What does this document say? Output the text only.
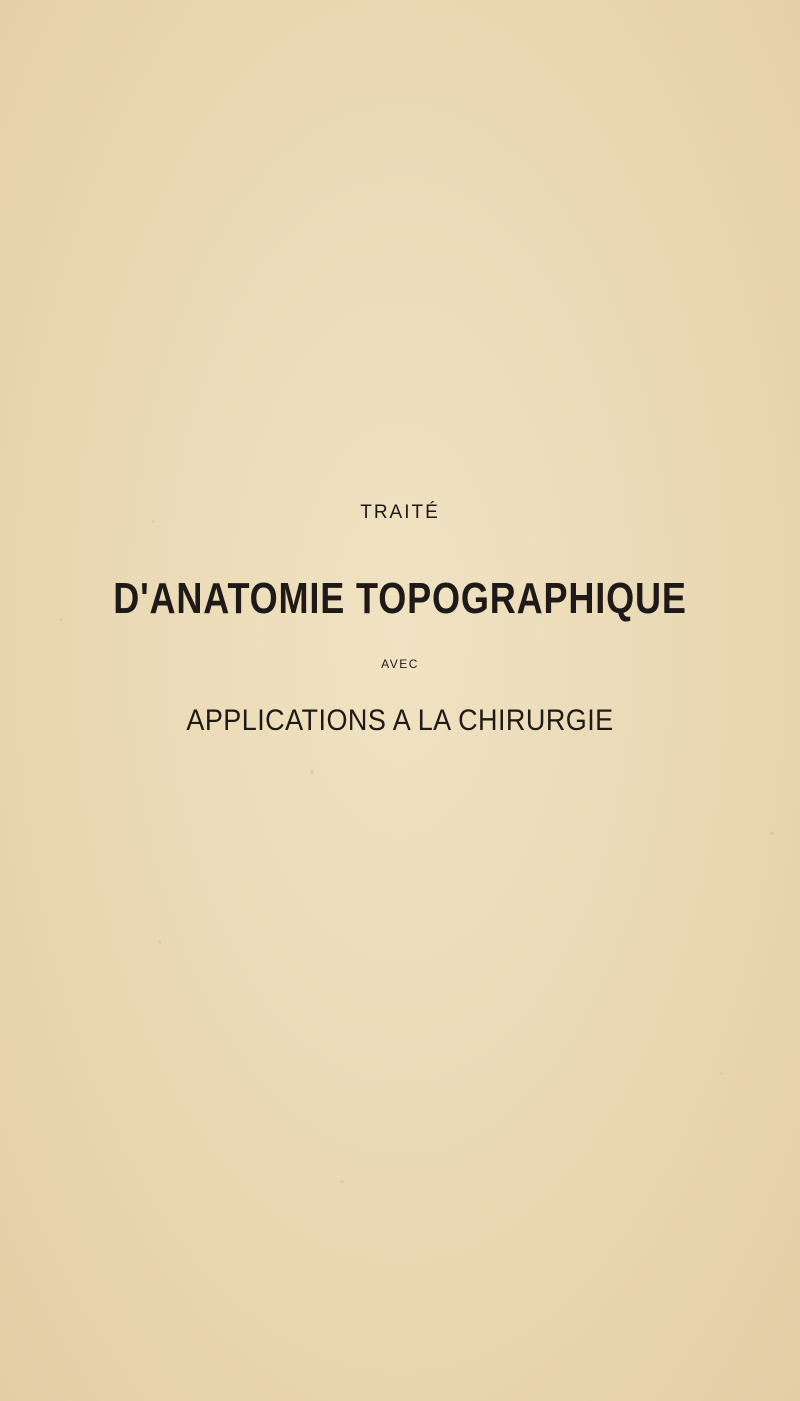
TRAITÉ
D'ANATOMIE TOPOGRAPHIQUE
AVEC
APPLICATIONS A LA CHIRURGIE
